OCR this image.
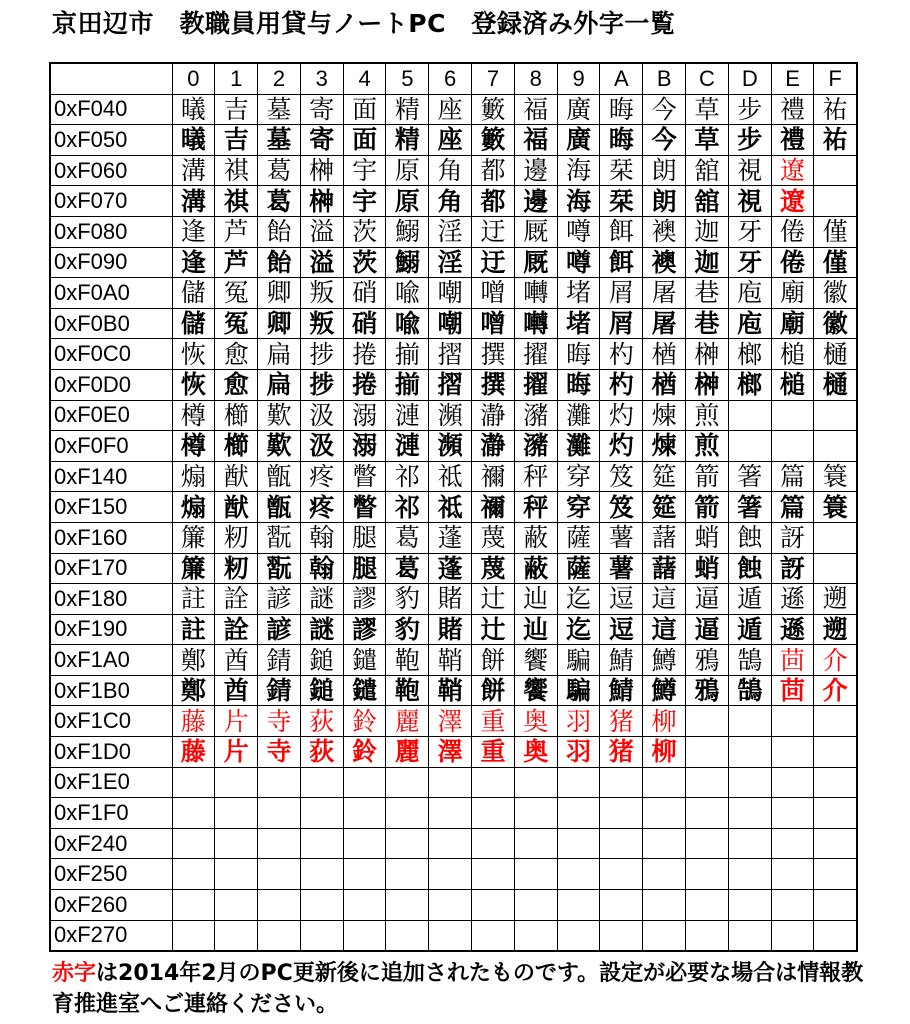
京田辺市　教職員用貸与ノートPC　登録済み外字一覧
	0	1	2	3	4	5	6	7	8	9	A	B	C	D	E	F
0xF040	㬢	吉	墓	寄	面	精	座	籔	福	廣	晦	今	草	步	禮	祐
0xF050	㬢	吉	墓	寄	面	精	座	籔	福	廣	晦	今	草	步	禮	祐
0xF060	溝	祺	葛	榊	宇	原	角	都	邊	海	栞	朗	舘	視	遼	
0xF070	溝	祺	葛	榊	宇	原	角	都	邊	海	栞	朗	舘	視	遼	
0xF080	逢	芦	飴	溢	茨	鰯	淫	迂	厩	噂	餌	襖	迦	牙	倦	僅
0xF090	逢	芦	飴	溢	茨	鰯	淫	迂	厩	噂	餌	襖	迦	牙	倦	僅
0xF0A0	儲	冤	卿	叛	硝	喩	嘲	噌	囀	堵	屑	屠	巷	庖	廟	徽
0xF0B0	儲	冤	卿	叛	硝	喩	嘲	噌	囀	堵	屑	屠	巷	庖	廟	徽
0xF0C0	恢	愈	扁	捗	捲	揃	摺	撰	擢	晦	杓	楢	榊	榔	槌	樋
0xF0D0	恢	愈	扁	捗	捲	揃	摺	撰	擢	晦	杓	楢	榊	榔	槌	樋
0xF0E0	樽	櫛	歎	汲	溺	漣	瀕	瀞	瀦	灘	灼	煉	煎			
0xF0F0	樽	櫛	歎	汲	溺	漣	瀕	瀞	瀦	灘	灼	煉	煎			
0xF140	煽	猷	甑	疼	瞥	祁	祗	禰	秤	穿	笈	筵	箭	箸	篇	簑
0xF150	煽	猷	甑	疼	瞥	祁	祗	禰	秤	穿	笈	筵	箭	箸	篇	簑
0xF160	簾	籾	翫	翰	腿	葛	蓬	蔑	蔽	薩	薯	藷	蛸	蝕	訝	
0xF170	簾	籾	翫	翰	腿	葛	蓬	蔑	蔽	薩	薯	藷	蛸	蝕	訝	
0xF180	註	詮	諺	謎	謬	豹	賭	辻	辿	迄	逗	這	逼	遁	遜	遡
0xF190	註	詮	諺	謎	謬	豹	賭	辻	辿	迄	逗	這	逼	遁	遜	遡
0xF1A0	鄭	酋	錆	鎚	鑓	鞄	鞘	餅	饗	騙	鯖	鱒	鴉	鵠	茴	介
0xF1B0	鄭	酋	錆	鎚	鑓	鞄	鞘	餅	饗	騙	鯖	鱒	鴉	鵠	茴	介
0xF1C0	藤	片	寺	荻	鈴	麗	澤	重	奥	羽	猪	柳				
0xF1D0	藤	片	寺	荻	鈴	麗	澤	重	奥	羽	猪	柳				
0xF1E0																
0xF1F0																
0xF240																
0xF250																
0xF260																
0xF270																
赤字は2014年2月のPC更新後に追加されたものです。設定が必要な場合は情報教育推進室へご連絡ください。
